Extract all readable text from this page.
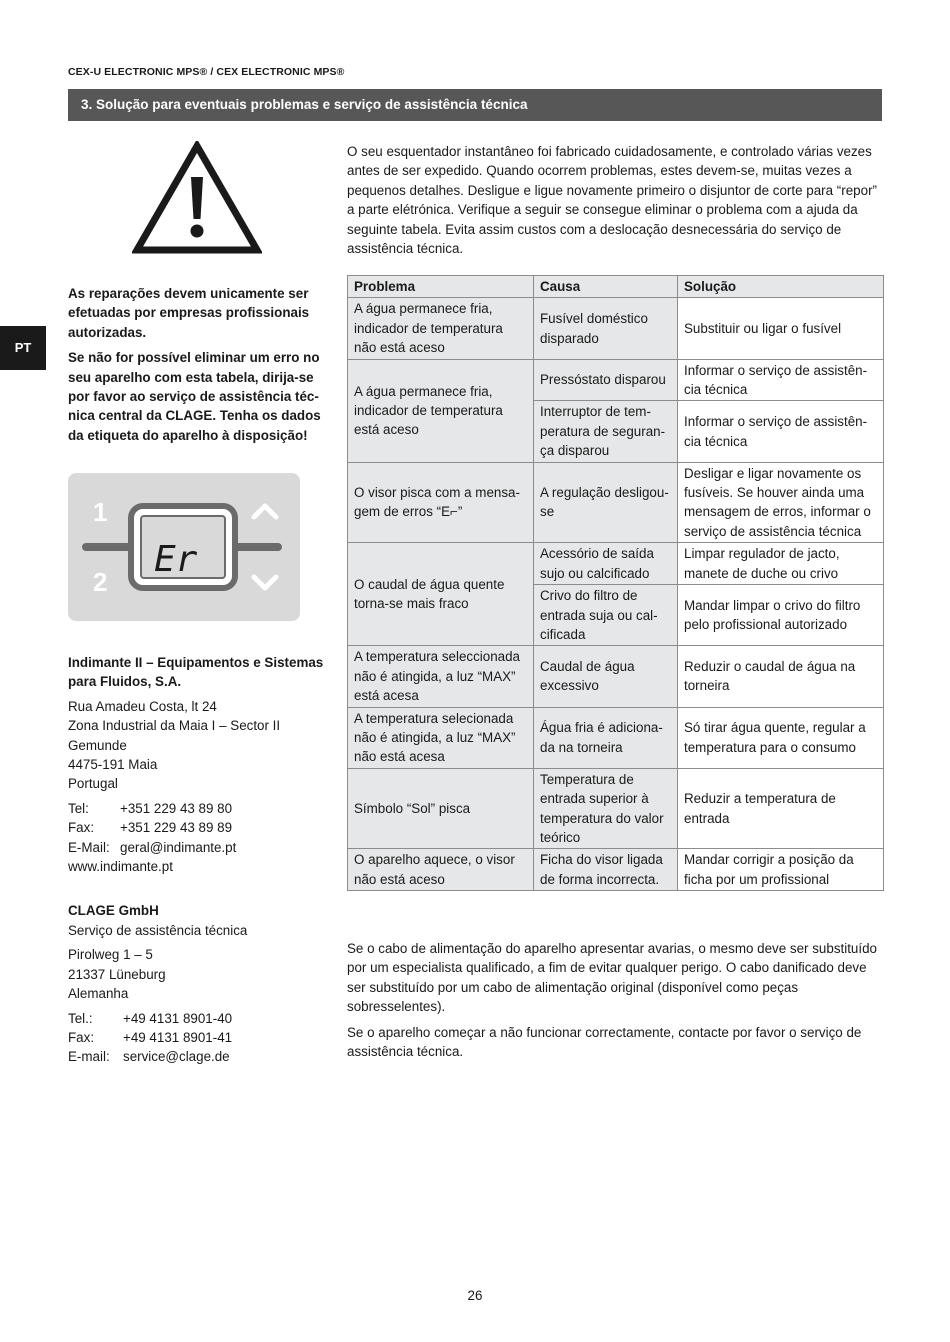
CEX-U ELECTRONIC MPS® / CEX ELECTRONIC MPS®
3. Solução para eventuais problemas e serviço de assistência técnica
PT

O seu esquentador instantâneo foi fabricado cuidadosamente, e controlado várias vezes antes de ser expedido. Quando ocorrem problemas, estes devem-se, muitas vezes a pequenos detalhes. Desligue e ligue novamente primeiro o disjuntor de corte para “repor” a parte elétrónica. Verifique a seguir se consegue eliminar o problema com a ajuda da seguinte tabela. Evita assim custos com a deslocação desnecessária do serviço de assistência técnica.

As reparações devem unicamente ser efetuadas por empresas profissionais autorizadas.

Se não for possível eliminar um erro no seu aparelho com esta tabela, dirija-se por favor ao serviço de assistência técnica central da CLAGE. Tenha os dados da etiqueta do aparelho à disposição!

1
2
Er
Problema	Causa	Solução
A água permanece fria, indicador de temperatura não está aceso	Fusível doméstico disparado	Substituir ou ligar o fusível
A água permanece fria, indicador de temperatura está aceso	Pressóstato disparou	Informar o serviço de assistência técnica
	Interruptor de temperatura de segurança disparou	Informar o serviço de assistência técnica
O visor pisca com a mensagem de erros “E⌐”	A regulação desligou-se	Desligar e ligar novamente os fusíveis. Se houver ainda uma mensagem de erros, informar o serviço de assistência técnica
O caudal de água quente torna-se mais fraco	Acessório de saída sujo ou calcificado	Limpar regulador de jacto, manete de duche ou crivo
	Crivo do filtro de entrada suja ou calcificada	Mandar limpar o crivo do filtro pelo profissional autorizado
A temperatura seleccionada não é atingida, a luz “MAX” está acesa	Caudal de água excessivo	Reduzir o caudal de água na torneira
A temperatura selecionada não é atingida, a luz “MAX” não está acesa	Água fria é adicionada na torneira	Só tirar água quente, regular a temperatura para o consumo
Símbolo “Sol” pisca	Temperatura de entrada superior à temperatura do valor teórico	Reduzir a temperatura de entrada
O aparelho aquece, o visor não está aceso	Ficha do visor ligada de forma incorrecta.	Mandar corrigir a posição da ficha por um profissional

Se o cabo de alimentação do aparelho apresentar avarias, o mesmo deve ser substituído por um especialista qualificado, a fim de evitar qualquer perigo. O cabo danificado deve ser substituído por um cabo de alimentação original (disponível como peças sobresselentes).

Se o aparelho começar a não funcionar correctamente, contacte por favor o serviço de assistência técnica.

Indimante II – Equipamentos e Sistemas para Fluidos, S.A.

Rua Amadeu Costa, lt 24
Zona Industrial da Maia I – Sector II
Gemunde
4475-191 Maia
Portugal

Tel:	+351 229 43 89 80
Fax:	+351 229 43 89 89
E-Mail: geral@indimante.pt
www.indimante.pt

CLAGE GmbH
Serviço de assistência técnica

Pirolweg 1 – 5
21337 Lüneburg
Alemanha

Tel.:	+49 4131 8901-40
Fax:	+49 4131 8901-41
E-mail: service@clage.de

26
